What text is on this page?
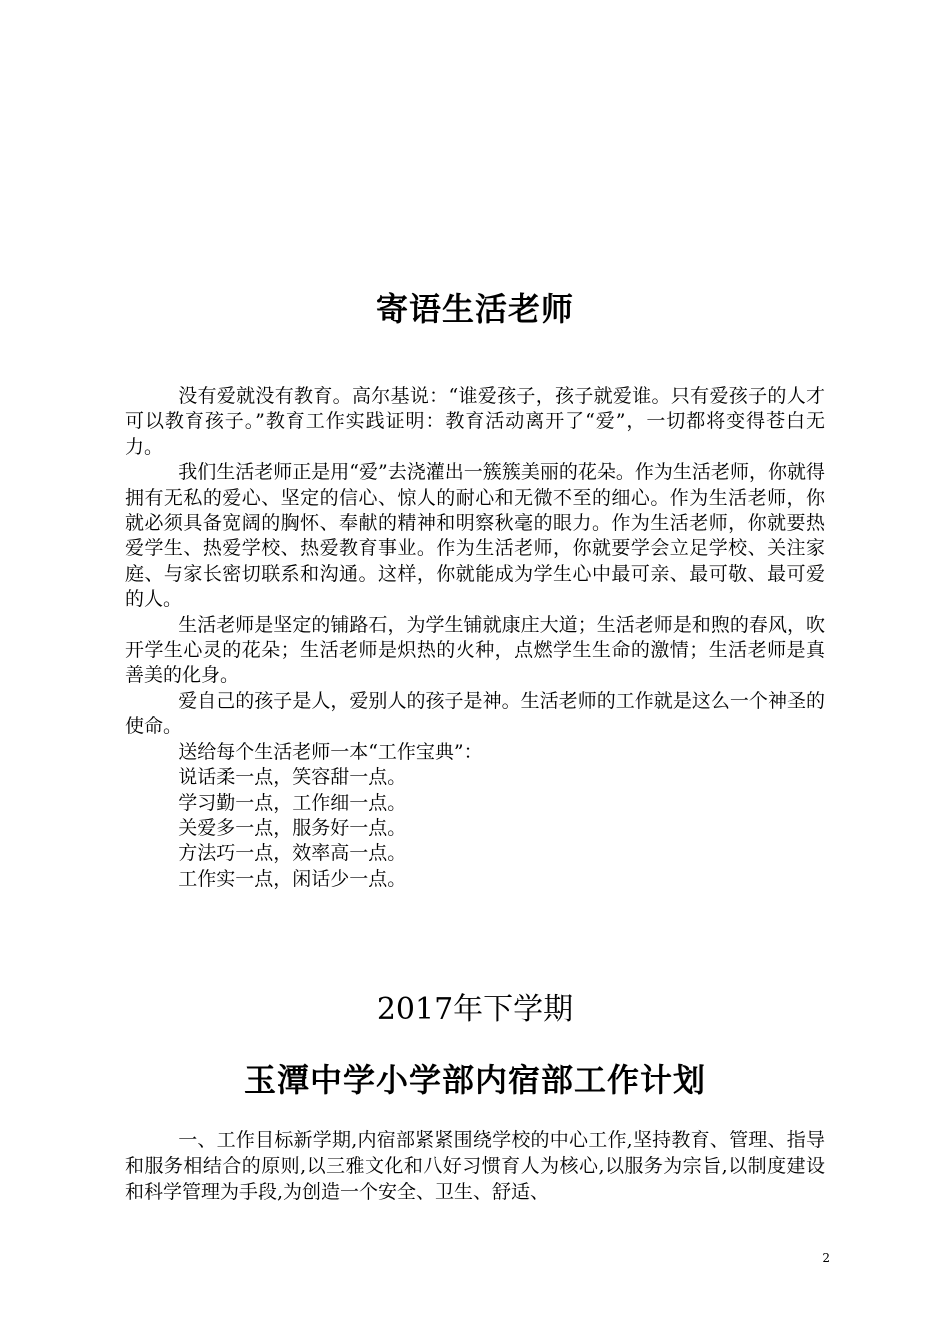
寄语生活老师

没有爱就没有教育。高尔基说：“谁爱孩子，孩子就爱谁。只有爱孩子的人才可以教育孩子。”教育工作实践证明：教育活动离开了“爱”，一切都将变得苍白无力。

我们生活老师正是用“爱”去浇灌出一簇簇美丽的花朵。作为生活老师，你就得拥有无私的爱心、坚定的信心、惊人的耐心和无微不至的细心。作为生活老师，你就必须具备宽阔的胸怀、奉献的精神和明察秋毫的眼力。作为生活老师，你就要热爱学生、热爱学校、热爱教育事业。作为生活老师，你就要学会立足学校、关注家庭、与家长密切联系和沟通。这样，你就能成为学生心中最可亲、最可敬、最可爱的人。

生活老师是坚定的铺路石，为学生铺就康庄大道；生活老师是和煦的春风，吹开学生心灵的花朵；生活老师是炽热的火种，点燃学生生命的激情；生活老师是真善美的化身。

爱自己的孩子是人，爱别人的孩子是神。生活老师的工作就是这么一个神圣的使命。

送给每个生活老师一本“工作宝典”：

说话柔一点，笑容甜一点。

学习勤一点，工作细一点。

关爱多一点，服务好一点。

方法巧一点，效率高一点。

工作实一点，闲话少一点。

2017年下学期
玉潭中学小学部内宿部工作计划

一、工作目标新学期,内宿部紧紧围绕学校的中心工作,坚持教育、管理、指导和服务相结合的原则,以三雅文化和八好习惯育人为核心,以服务为宗旨,以制度建设和科学管理为手段,为创造一个安全、卫生、舒适、

2
